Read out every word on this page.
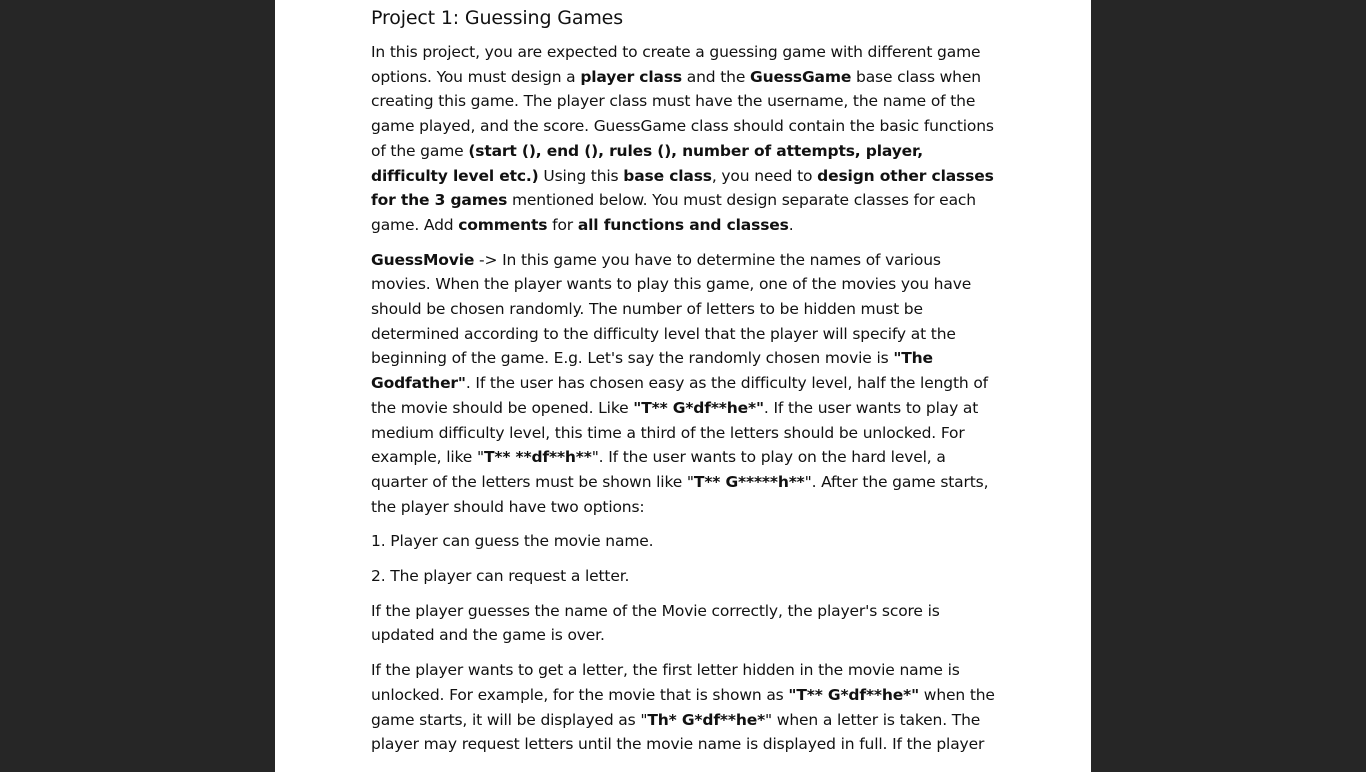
Project 1: Guessing Games

In this project, you are expected to create a guessing game with different game options. You must design a player class and the GuessGame base class when creating this game. The player class must have the username, the name of the game played, and the score. GuessGame class should contain the basic functions of the game (start (), end (), rules (), number of attempts, player, difficulty level etc.) Using this base class, you need to design other classes for the 3 games mentioned below. You must design separate classes for each game. Add comments for all functions and classes.

GuessMovie -> In this game you have to determine the names of various movies. When the player wants to play this game, one of the movies you have should be chosen randomly. The number of letters to be hidden must be determined according to the difficulty level that the player will specify at the beginning of the game. E.g. Let's say the randomly chosen movie is "The Godfather". If the user has chosen easy as the difficulty level, half the length of the movie should be opened. Like "T** G*df**he*". If the user wants to play at medium difficulty level, this time a third of the letters should be unlocked. For example, like "T** **df**h**". If the user wants to play on the hard level, a quarter of the letters must be shown like "T** G*****h**". After the game starts, the player should have two options:

1. Player can guess the movie name.

2. The player can request a letter.

If the player guesses the name of the Movie correctly, the player's score is updated and the game is over.

If the player wants to get a letter, the first letter hidden in the movie name is unlocked. For example, for the movie that is shown as "T** G*df**he*" when the game starts, it will be displayed as "Th* G*df**he*" when a letter is taken. The player may request letters until the movie name is displayed in full. If the player
